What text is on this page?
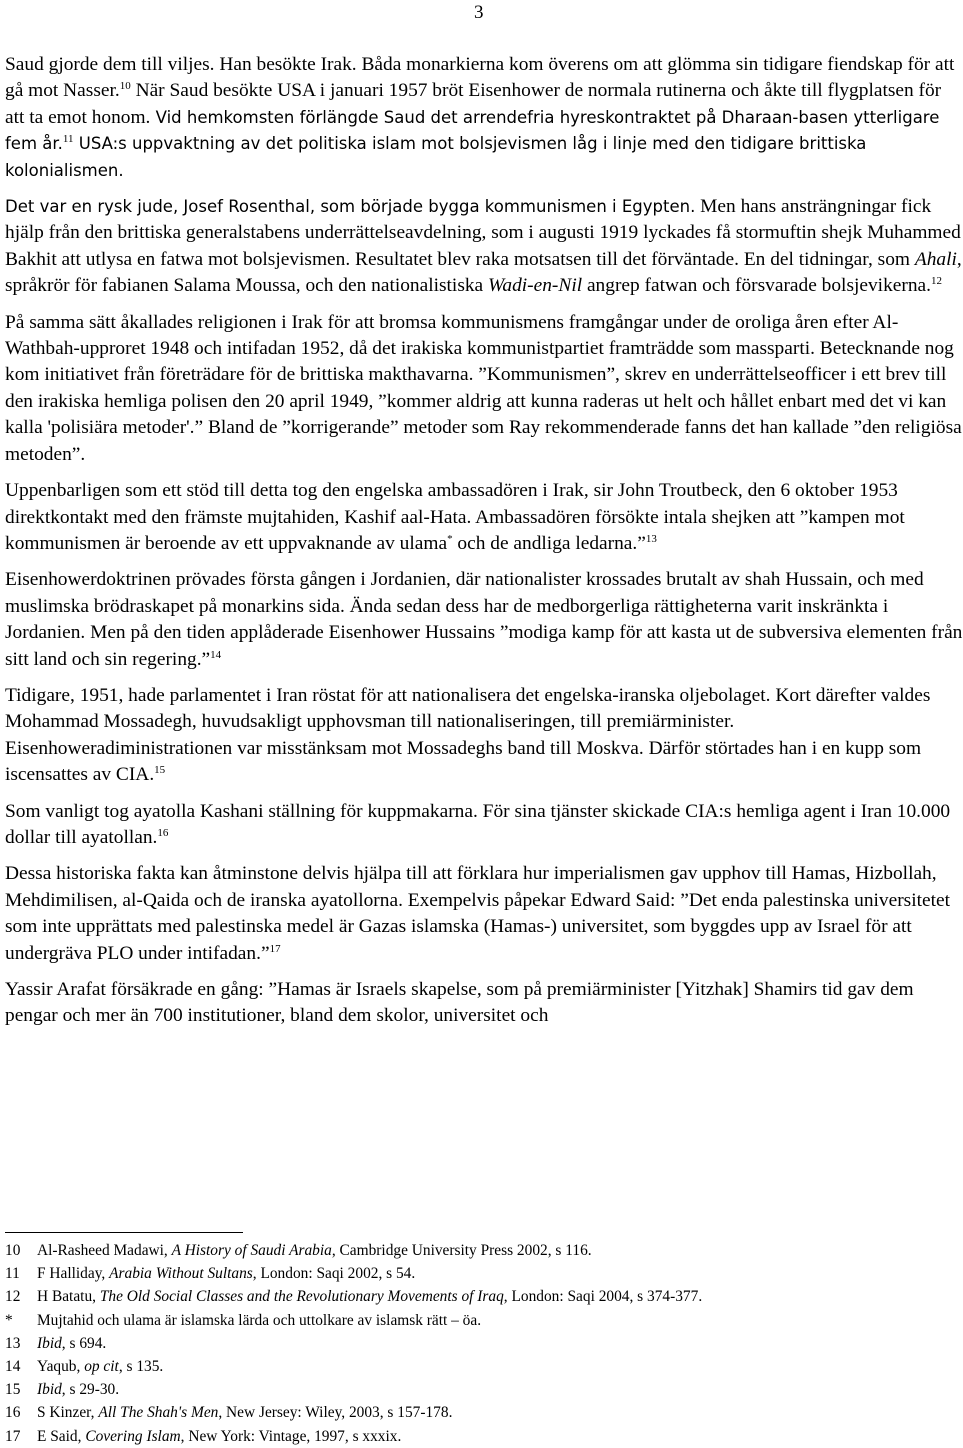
3

Saud gjorde dem till viljes. Han besökte Irak. Båda monarkierna kom överens om att glömma sin tidigare fiendskap för att gå mot Nasser.$^{10}$ När Saud besökte USA i januari 1957 bröt Eisenhower de normala rutinerna och åkte till flygplatsen för att ta emot honom. Vid hemkomsten förlängde Saud det arrendefria hyreskontraktet på Dharaan-basen ytterligare fem år.$^{11}$ USA:s uppvaktning av det politiska islam mot bolsjevismen låg i linje med den tidigare brittiska kolonialismen.

Det var en rysk jude, Josef Rosenthal, som började bygga kommunismen i Egypten. Men hans ansträngningar fick hjälp från den brittiska generalstabens underrättelseavdelning, som i augusti 1919 lyckades få stormuftin shejk Muhammed Bakhit att utlysa en fatwa mot bolsjevismen. Resultatet blev raka motsatsen till det förväntade. En del tidningar, som Ahali, språkrör för fabianen Salama Moussa, och den nationalistiska Wadi-en-Nil angrep fatwan och försvarade bolsjevikerna.$^{12}$

På samma sätt åkallades religionen i Irak för att bromsa kommunismens framgångar under de oroliga åren efter Al-Wathbah-upproret 1948 och intifadan 1952, då det irakiska kommunistpartiet framträdde som massparti. Betecknande nog kom initiativet från företrädare för de brittiska makthavarna. ”Kommunismen”, skrev en underrättelseofficer i ett brev till den irakiska hemliga polisen den 20 april 1949, ”kommer aldrig att kunna raderas ut helt och hållet enbart med det vi kan kalla 'polisiära metoder'.” Bland de ”korrigerande” metoder som Ray rekommenderade fanns det han kallade ”den religiösa metoden”.

Uppenbarligen som ett stöd till detta tog den engelska ambassadören i Irak, sir John Troutbeck, den 6 oktober 1953 direktkontakt med den främste mujtahiden, Kashif aal-Hata. Ambassadören försökte intala shejken att ”kampen mot kommunismen är beroende av ett uppvaknande av ulama* och de andliga ledarna.”$^{13}$

Eisenhowerdoktrinen prövades första gången i Jordanien, där nationalister krossades brutalt av shah Hussain, och med muslimska brödraskapet på monarkins sida. Ända sedan dess har de medborgerliga rättigheterna varit inskränkta i Jordanien. Men på den tiden applåderade Eisenhower Hussains ”modiga kamp för att kasta ut de subversiva elementen från sitt land och sin regering.”$^{14}$

Tidigare, 1951, hade parlamentet i Iran röstat för att nationalisera det engelska-iranska oljebolaget. Kort därefter valdes Mohammad Mossadegh, huvudsakligt upphovsman till nationaliseringen, till premiärminister. Eisenhoweradiministrationen var misstänksam mot Mossadeghs band till Moskva. Därför störtades han i en kupp som iscensattes av CIA.$^{15}$

Som vanligt tog ayatolla Kashani ställning för kuppmakarna. För sina tjänster skickade CIA:s hemliga agent i Iran 10.000 dollar till ayatollan.$^{16}$

Dessa historiska fakta kan åtminstone delvis hjälpa till att förklara hur imperialismen gav upphov till Hamas, Hizbollah, Mehdimilisen, al-Qaida och de iranska ayatollorna. Exempelvis påpekar Edward Said: ”Det enda palestinska universitetet som inte upprättats med palestinska medel är Gazas islamska (Hamas-) universitet, som byggdes upp av Israel för att undergräva PLO under intifadan.”$^{17}$

Yassir Arafat försäkrade en gång: ”Hamas är Israels skapelse, som på premiärminister [Yitzhak] Shamirs tid gav dem pengar och mer än 700 institutioner, bland dem skolor, universitet och

10 Al-Rasheed Madawi, A History of Saudi Arabia, Cambridge University Press 2002, s 116.
11 F Halliday, Arabia Without Sultans, London: Saqi 2002, s 54.
12 H Batatu, The Old Social Classes and the Revolutionary Movements of Iraq, London: Saqi 2004, s 374-377.
* Mujtahid och ulama är islamska lärda och uttolkare av islamsk rätt – öa.
13 Ibid, s 694.
14 Yaqub, op cit, s 135.
15 Ibid, s 29-30.
16 S Kinzer, All The Shah's Men, New Jersey: Wiley, 2003, s 157-178.
17 E Said, Covering Islam, New York: Vintage, 1997, s xxxix.
